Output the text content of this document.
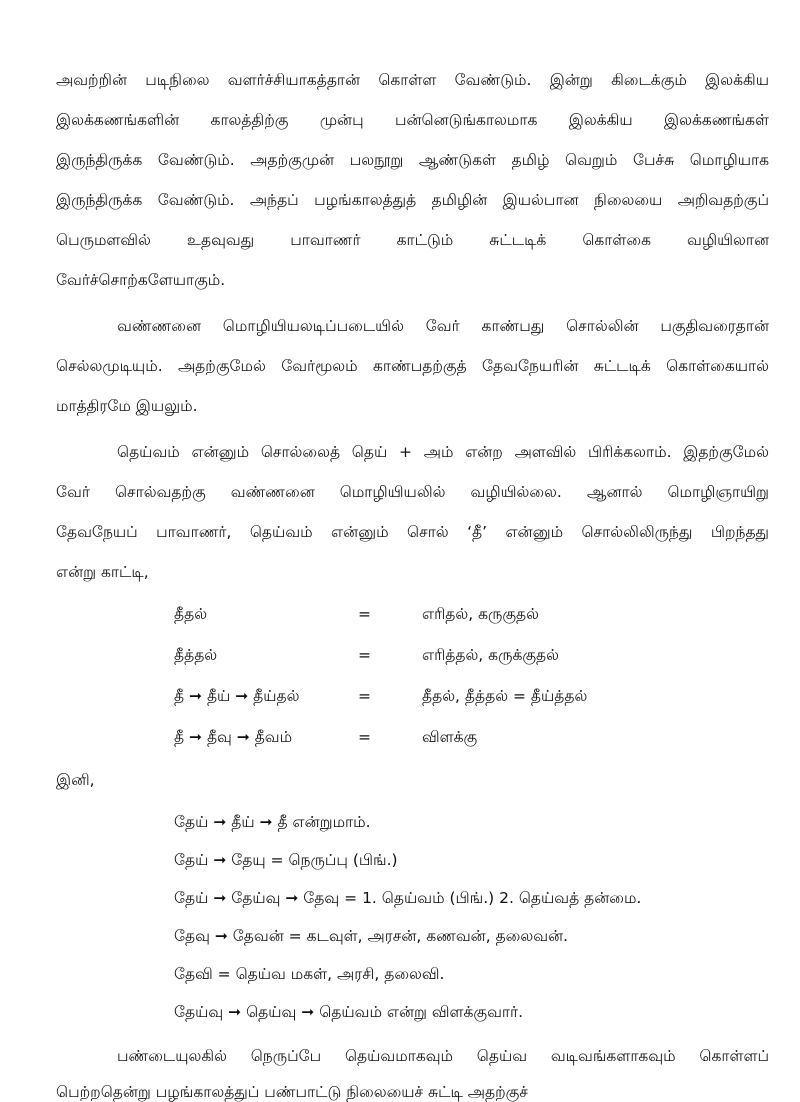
அவற்றின் படிநிலை வளர்ச்சியாகத்தான் கொள்ள வேண்டும். இன்று கிடைக்கும் இலக்கிய
இலக்கணங்களின் காலத்திற்கு முன்பு பன்னெடுங்காலமாக இலக்கிய இலக்கணங்கள்
இருந்திருக்க வேண்டும். அதற்குமுன் பலநூறு ஆண்டுகள் தமிழ் வெறும் பேச்சு மொழியாக
இருந்திருக்க வேண்டும். அந்தப் பழங்காலத்துத் தமிழின் இயல்பான நிலையை அறிவதற்குப்
பெருமளவில் உதவுவது பாவாணர் காட்டும் சுட்டடிக் கொள்கை வழியிலான
வேர்ச்சொற்களேயாகும்.
வண்ணனை மொழியியலடிப்படையில் வேர் காண்பது சொல்லின் பகுதிவரைதான்
செல்லமுடியும். அதற்குமேல் வேர்மூலம் காண்பதற்குத் தேவநேயரின் சுட்டடிக் கொள்கையால்
மாத்திரமே இயலும்.
தெய்வம் என்னும் சொல்லைத் தெய் + அம் என்ற அளவில் பிரிக்கலாம். இதற்குமேல்
வேர் சொல்வதற்கு வண்ணனை மொழியியலில் வழியில்லை. ஆனால் மொழிஞாயிறு
தேவநேயப் பாவாணர், தெய்வம் என்னும் சொல் ‘தீ’ என்னும் சொல்லிலிருந்து பிறந்தது
என்று காட்டி,
தீதல்	=	எரிதல், கருகுதல்
தீத்தல்	=	எரித்தல், கருக்குதல்
தீ ➞ தீய் ➞ தீய்தல்	=	தீதல், தீத்தல் = தீய்த்தல்
தீ ➞ தீவு ➞ தீவம்	=	விளக்கு
இனி,
தேய் ➞ தீய் ➞ தீ என்றுமாம்.
தேய் ➞ தேயு = நெருப்பு (பிங்.)
தேய் ➞ தேய்வு ➞ தேவு = 1. தெய்வம் (பிங்.) 2. தெய்வத் தன்மை.
தேவு ➞ தேவன் = கடவுள், அரசன், கணவன், தலைவன்.
தேவி = தெய்வ மகள், அரசி, தலைவி.
தேய்வு ➞ தெய்வு ➞ தெய்வம் என்று விளக்குவார்.
பண்டையுலகில் நெருப்பே தெய்வமாகவும் தெய்வ வடிவங்களாகவும் கொள்ளப்
பெற்றதென்று பழங்காலத்துப் பண்பாட்டு நிலையைச் சுட்டி அதற்குச்
